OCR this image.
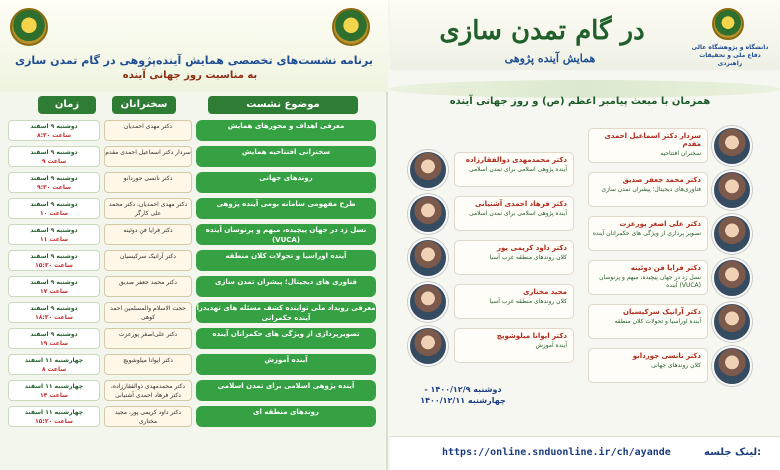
برنامه نشست‌های تخصصی همایش آینده‌پژوهی در گام تمدن سازی
به مناسبت روز جهانی آینده
زمان	سخنرانان	موضوع نشست
دوشنبه ۹ اسفند
ساعت ۸:۳۰
دکتر مهدی احمدیان	معرفی اهداف و محورهای همایش
دوشنبه ۹ اسفند
ساعت ۹
سردار دکتر اسماعیل احمدی مقدم	سخنرانی افتتاحیه همایش
دوشنبه ۹ اسفند
ساعت ۹:۳۰
دکتر نانسی جوردانو	روندهای جهانی
دوشنبه ۹ اسفند
ساعت ۱۰
دکتر مهدی احمدیان، دکتر محمد علی کارگر
طرح مفهومی سامانه بومی آینده پژوهی
دوشنبه ۹ اسفند
ساعت ۱۱
دکتر فرایا فن دوئینه	نسل زد در جهان پیچیده، مبهم و پرنوسان آینده (VUCA)
دوشنبه ۹ اسفند
ساعت ۱۵:۳۰
دکتر آرانیک سرکیسیان	آینده اوراسیا و تحولات کلان منطقه
دوشنبه ۹ اسفند
ساعت ۱۷
دکتر محمد جعفر صدیق	فناوری های دیجیتال؛ پیشران تمدن سازی
دوشنبه ۹ اسفند
ساعت ۱۸:۳۰
حجت الاسلام والمسلمین احمد کوهی
معرفی رویداد ملی تواینده کشف مسئله های تهدیدزا آینده حکمرانی
دوشنبه ۹ اسفند
ساعت ۱۹
دکتر علی‌اصغر پورعزت	تصویرپردازی از ویژگی های حکمرانان آینده
چهارشنبه ۱۱ اسفند
ساعت ۸
دکتر ایوانا میلوشویچ	آینده آموزش
چهارشنبه ۱۱ اسفند
ساعت ۱۴
دکتر محمدمهدی ذوالفقارزاده، دکتر فرهاد احمدی آشتیانی
آینده پژوهی اسلامی برای تمدن اسلامی
چهارشنبه ۱۱ اسفند
ساعت ۱۵:۳۰
دکتر داود کریمی پور، مجید مختاری
روندهای منطقه ای
دانشگاه و پژوهشگاه عالی دفاع ملی و تحقیقات راهبردی
در گام تمدن سازی
همایش آینده پژوهی
همزمان با مبعث پیامبر اعظم (ص) و روز جهانی آینده
دکتر محمدمهدی ذوالفقارزاده
آینده پژوهی اسلامی برای تمدن اسلامی
دکتر فرهاد احمدی آشتیانی
آینده پژوهی اسلامی برای تمدن اسلامی
دکتر داود کریمی پور
کلان روندهای منطقه غرب آسیا
مجید مختاری
کلان روندهای منطقه غرب آسیا
دکتر ایوانا میلوشویچ
آینده آموزش
سردار دکتر اسماعیل احمدی مقدم
سخنران افتتاحیه
دکتر محمد جعفر صدیق
فناوری‌های دیجیتال؛ پیشران تمدن سازی
دکتر علی اصغر پورعزت
تصویر پردازی از ویژگی های حکمرانان آینده
دکتر فرایا فن دوئینه
نسل زد در جهان پیچیده، مبهم و پرنوسان آینده (VUCA)
دکتر آرانیک سرکیسیان
آینده اوراسیا و تحولات کلان منطقه
دکتر نانسی جوردانو
کلان روندهای جهانی
دوشنبه ۱۴۰۰/۱۲/۹ - چهارشنبه ۱۴۰۰/۱۲/۱۱
https://online.snduonline.ir/ch/ayande	لینک جلسه:
